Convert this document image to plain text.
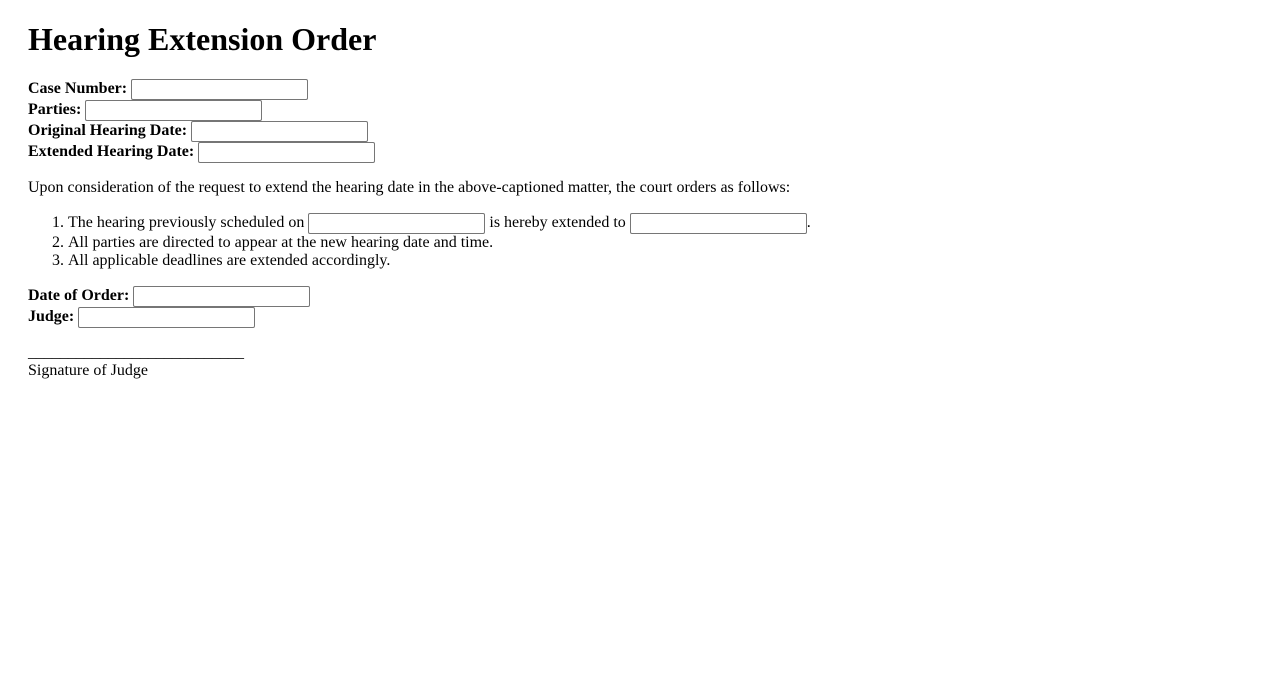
Hearing Extension Order

Case Number:
Parties:
Original Hearing Date:
Extended Hearing Date:

Upon consideration of the request to extend the hearing date in the above-captioned matter, the court orders as follows:

1. The hearing previously scheduled on	is hereby extended to	.
2. All parties are directed to appear at the new hearing date and time.
3. All applicable deadlines are extended accordingly.

Date of Order:
Judge:

___________________________
Signature of Judge
